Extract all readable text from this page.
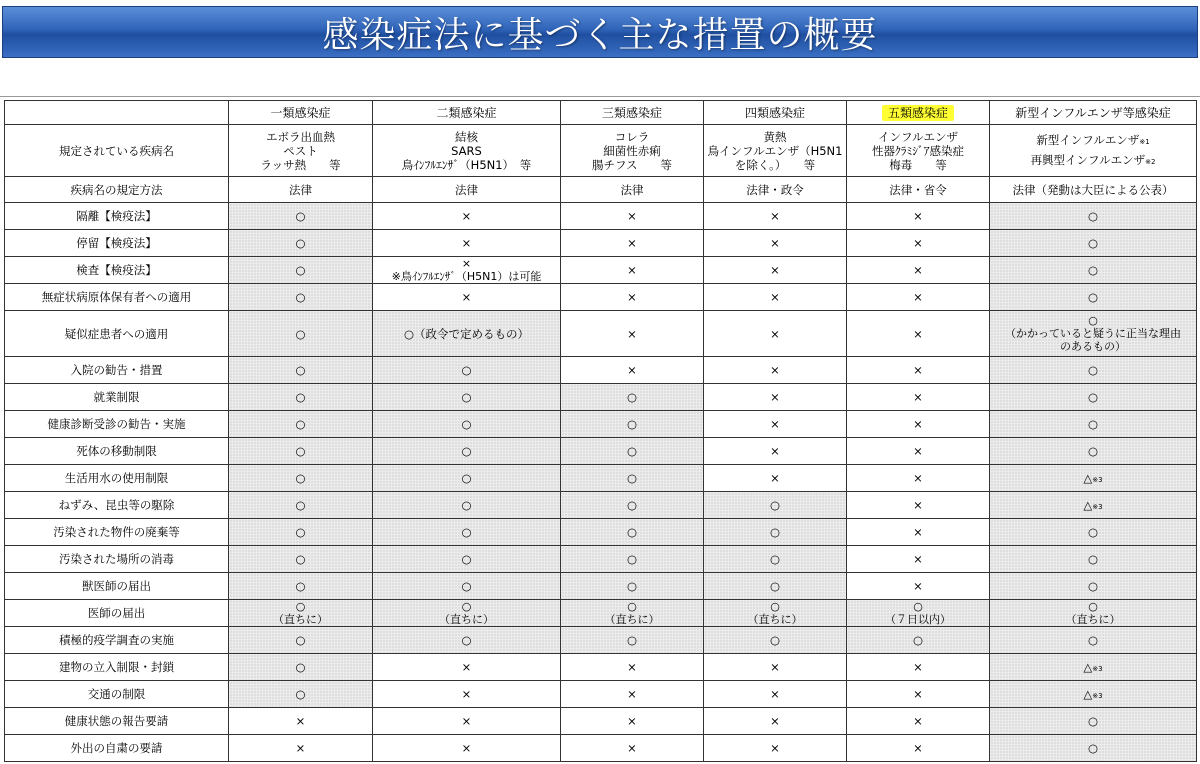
感染症法に基づく主な措置の概要
	一類感染症	二類感染症	三類感染症	四類感染症	五類感染症	新型インフルエンザ等感染症
規定されている疾病名	エボラ出血熱
ペスト
ラッサ熱　　等	結核
SARS
鳥ｲﾝﾌﾙｴﾝｻﾞ（H5N1）　等	コレラ
細菌性赤痢
腸チフス　　等	黄熱
鳥インフルエンザ（H5N1
を除く。）　　等	インフルエンザ
性器ｸﾗﾐｼﾞｱ感染症
梅毒　　等	新型インフルエンザ※1
再興型インフルエンザ※2

疾病名の規定方法	法律	法律	法律	法律・政令	法律・省令	法律（発動は大臣による公表）

隔離【検疫法】	○	×	×	×	×	○

停留【検疫法】	○	×	×	×	×	○

検査【検疫法】	○	×
※鳥ｲﾝﾌﾙｴﾝｻﾞ（H5N1）は可能	×	×	×	○

無症状病原体保有者への適用	○	×	×	×	×	○

疑似症患者への適用	○	○（政令で定めるもの）	×	×	×	○
（かかっていると疑うに正当な理由
のあるもの）

入院の勧告・措置	○	○	×	×	×	○

就業制限	○	○	○	×	×	○

健康診断受診の勧告・実施	○	○	○	×	×	○

死体の移動制限	○	○	○	×	×	○

生活用水の使用制限	○	○	○	×	×	△※3
ねずみ、昆虫等の駆除	○	○	○	○	×	△※3
汚染された物件の廃棄等	○	○	○	○	×	○

汚染された場所の消毒	○	○	○	○	×	○

獣医師の届出	○	○	○	○	×	○

医師の届出	○
（直ちに）	○
（直ちに）	○
（直ちに）	○
（直ちに）	○
（７日以内）	○
（直ちに）

積極的疫学調査の実施	○	○	○	○	○	○

建物の立入制限・封鎖	○	×	×	×	×	△※3
交通の制限	○	×	×	×	×	△※3
健康状態の報告要請	×	×	×	×	×	○

外出の自粛の要請	×	×	×	×	×	○
